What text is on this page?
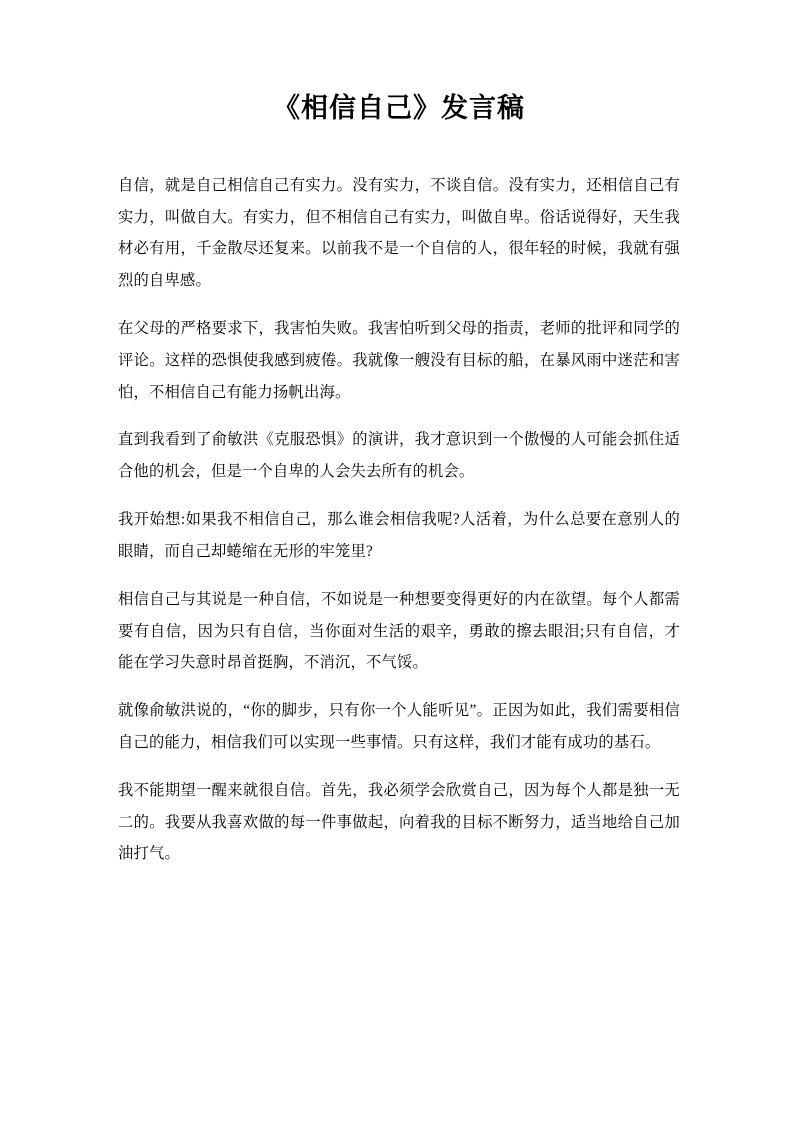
《相信自己》发言稿

自信，就是自己相信自己有实力。没有实力，不谈自信。没有实力，还相信自己有实力，叫做自大。有实力，但不相信自己有实力，叫做自卑。俗话说得好，天生我材必有用，千金散尽还复来。以前我不是一个自信的人，很年轻的时候，我就有强烈的自卑感。

在父母的严格要求下，我害怕失败。我害怕听到父母的指责，老师的批评和同学的评论。这样的恐惧使我感到疲倦。我就像一艘没有目标的船，在暴风雨中迷茫和害怕，不相信自己有能力扬帆出海。

直到我看到了俞敏洪《克服恐惧》的演讲，我才意识到一个傲慢的人可能会抓住适合他的机会，但是一个自卑的人会失去所有的机会。

我开始想:如果我不相信自己，那么谁会相信我呢?人活着，为什么总要在意别人的眼睛，而自己却蜷缩在无形的牢笼里?

相信自己与其说是一种自信，不如说是一种想要变得更好的内在欲望。每个人都需要有自信，因为只有自信，当你面对生活的艰辛，勇敢的擦去眼泪;只有自信，才能在学习失意时昂首挺胸，不消沉，不气馁。

就像俞敏洪说的，“你的脚步，只有你一个人能听见”。正因为如此，我们需要相信自己的能力，相信我们可以实现一些事情。只有这样，我们才能有成功的基石。

我不能期望一醒来就很自信。首先，我必须学会欣赏自己，因为每个人都是独一无二的。我要从我喜欢做的每一件事做起，向着我的目标不断努力，适当地给自己加油打气。
